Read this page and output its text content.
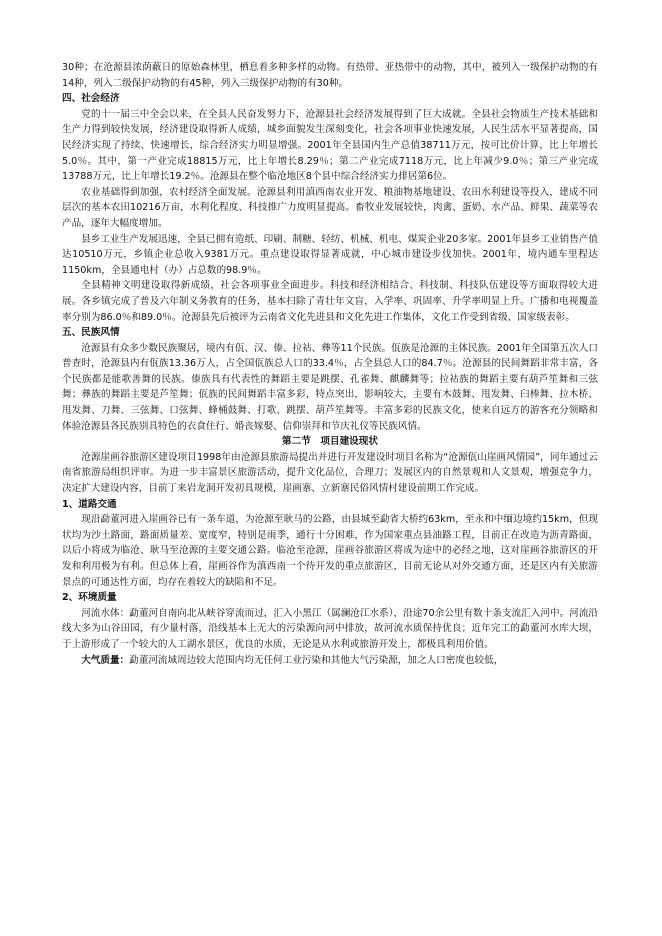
30种；在沧源县浓荫蔽日的原始森林里，栖息着多种多样的动物。有热带、亚热带中的动物，其中，被列入一级保护动物的有14种，列入二级保护动物的有45种，列入三级保护动物的有30种。

四、社会经济

党的十一届三中全会以来，在全县人民奋发努力下，沧源县社会经济发展得到了巨大成就。全县社会物质生产技术基础和生产力得到较快发展，经济建设取得新人成绩，城乡面貌发生深刻变化，社会各项事业快速发展，人民生活水平显著提高，国民经济实现了持续、快速增长，综合经济实力明显增强。2001年全县国内生产总值38711万元，按可比价计算，比上年增长5.0％。其中，第一产业完成18815万元，比上年增长8.29％；第二产业完成7118万元，比上年减少9.0％；第三产业完成13788万元，比上年增长19.2％。沧源县在整个临沧地区8个县中综合经济实力排居第6位。

农业基础得到加强，农村经济全面发展。沧源县利用滇西南农业开发、粮油物基地建设、农田水利建设等投入，建成不同层次的基本农田10216万亩，水利化程度、科技推广力度明显提高。畜牧业发展较快，肉禽、蛋奶、水产品、鲜果、蔬菜等农产品，逐年大幅度增加。

县乡工业生产发展迅速，全县已拥有造纸、印刷、制糖、轻纺、机械、机电、煤炭企业20多家。2001年县乡工业销售产值达10510万元，乡镇企业总收入9381万元。重点建设取得显著成就，中心城市建设步伐加快。2001年，境内通车里程达1150km，全县通电村（办）占总数的98.9％。

全县精神文明建设取得新成绩，社会各项事业全面进步。科技和经济相结合、科技制、科技队伍建设等方面取得较大进展。各乡镇完成了普及六年制义务教育的任务，基本扫除了青壮年文盲，入学率、巩固率、升学率明显上升。广播和电视覆盖率分别为86.0％和89.0％。沧源县先后被评为云南省文化先进县和文化先进工作集体，文化工作受到省级、国家级表彰。

五、民族风情

沧源县有众多少数民族聚居，境内有佤、汉、傣、拉祜、彝等11个民族。佤族是沧源的主体民族。2001年全国第五次人口普查时，沧源县内有佤族13.36万人，占全国佤族总人口的33.4％，占全县总人口的84.7％。沧源县的民间舞蹈非常丰富，各个民族都是能歌善舞的民族。傣族具有代表性的舞蹈主要是跳摆、孔雀舞、麒麟舞等；拉祜族的舞蹈主要有葫芦笙舞和三弦舞；彝族的舞蹈主要是芦笙舞；佤族的民间舞蹈丰富多彩，特点突出，影响较大，主要有木鼓舞、甩发舞、臼棒舞、拉木桥、甩发舞、刀舞、三弦舞、口弦舞、蜂桶鼓舞、打歌、跳摆、葫芦笙舞等。丰富多彩的民族文化，使来自远方的游客充分领略和体验沧源县各民族别具特色的衣食住行、婚丧嫁娶、信仰崇拜和节庆礼仪等民族风情。

第二节　项目建设现状

沧源崖画谷旅游区建设项目1998年由沧源县旅游局提出并进行开发建设时项目名称为“沧源佤山崖画风情园”，同年通过云南省旅游局组织评审。为进一步丰富景区旅游活动，提升文化品位，合理刀；发展区内的自然景观和人文景观，增强竞争力，决定扩大建设内容，目前丁来岩龙洞开发初具规模，崖画寨、立新寨民俗风情村建设前期工作完成。

1、道路交通

现沿勐董河进入崖画谷已有一条车道，为沧源至耿马的公路，由县城至勐省大桥约63km，至永和中缅边境约15km，但现状均为沙土路面，路面质量差、宽度窄，特别是雨季，通行十分困难，作为国家重点县油路工程，目前正在改造为沥青路面，以后小将成为临沧、耿马至沧源的主要交通公路。临沧至沧源，崖画谷旅游区将成为途中的必经之地，这对崖画谷旅游区的开发和利用极为有利。但总体上看，崖画谷作为滇西南一个待开发的重点旅游区，目前无论从对外交通方面，还是区内有关旅游景点的可通达性方面，均存在着较大的缺陷和不足。

2、环境质量

河流水体：勐董河自南向北从峡谷穿流而过，汇入小黑江（属澜沧江水系），沿途70余公里有数十条支流汇入河中。河流沿线大多为山谷田园，有少量村落，沿线基本上无大的污染源向河中排放，故河流水质保持优良；近年完工的勐董河水库大坝，于上游形成了一个较大的人工湖水景区，优良的水质，无论是从水利或旅游开发上，都极具利用价值。

大气质量：勐董河流域周边较大范围内均无任何工业污染和其他大气污染源，加之人口密度也较低，
